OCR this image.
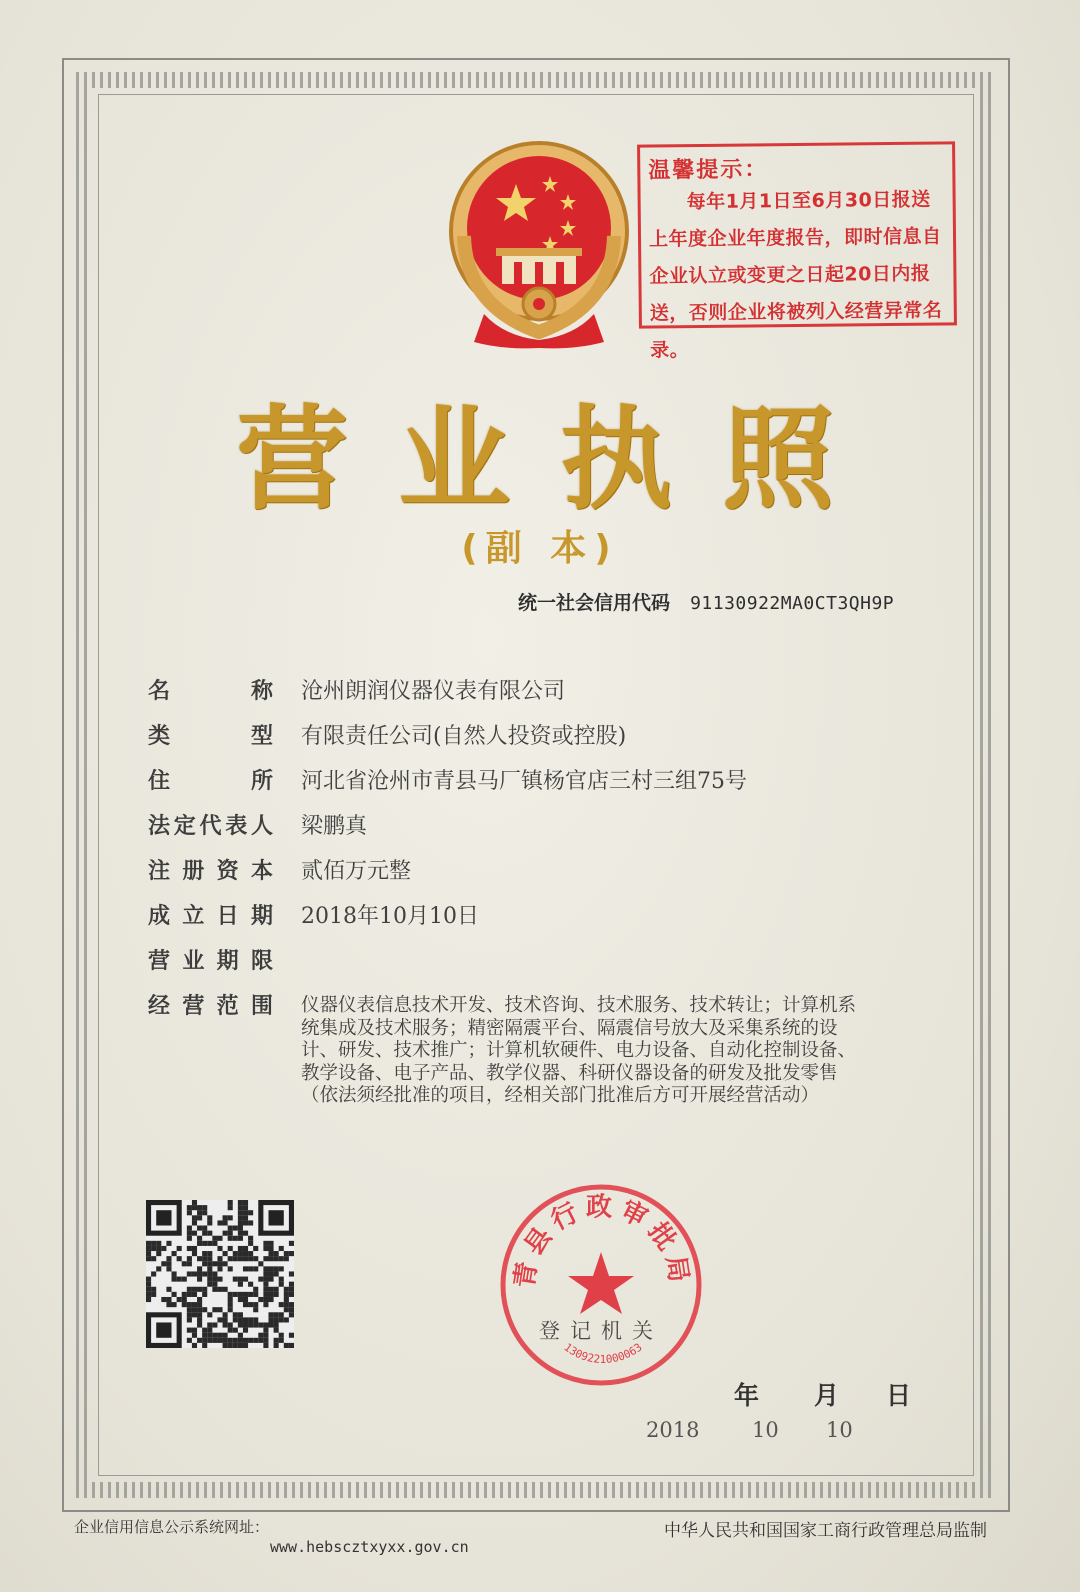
温馨提示：
每年1月1日至6月30日报送上年度企业年度报告，即时信息自企业认立或变更之日起20日内报送，否则企业将被列入经营异常名录。
营业执照
(副 本)
统一社会信用代码 91130922MA0CT3QH9P
名	称 沧州朗润仪器仪表有限公司
类	型 有限责任公司(自然人投资或控股)
住	所 河北省沧州市青县马厂镇杨官店三村三组75号
法 定 代 表 人 梁鹏真
注 册 资 本 贰佰万元整
成 立 日 期 2018年10月10日
营 业 期 限
经 营 范 围 仪器仪表信息技术开发、技术咨询、技术服务、技术转让；计算机系统集成及技术服务；精密隔震平台、隔震信号放大及采集系统的设计、研发、技术推广；计算机软硬件、电力设备、自动化控制设备、教学设备、电子产品、教学仪器、科研仪器设备的研发及批发零售（依法须经批准的项目，经相关部门批准后方可开展经营活动）
青县行政审批局
登记机关
1309221000063
年 月 日
2018	10 10
企业信用信息公示系统网址：
www.hebscztxyxx.gov.cn
中华人民共和国国家工商行政管理总局监制
